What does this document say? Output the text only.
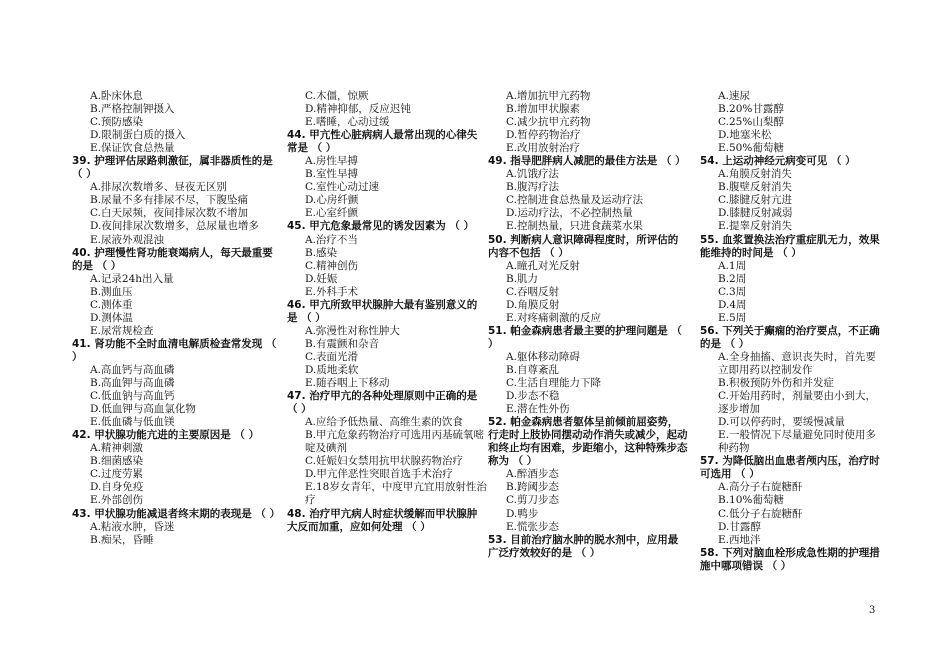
A.卧床休息
B.严格控制钾摄入
C.预防感染
D.限制蛋白质的摄入
E.保证饮食总热量
39. 护理评估尿路刺激征，属非器质性的是 （ ）
A.排尿次数增多、昼夜无区别
B.尿量不多有排尿不尽，下腹坠痛
C.白天尿频，夜间排尿次数不增加
D.夜间排尿次数增多，总尿量也增多
E.尿液外观混浊
40. 护理慢性肾功能衰竭病人，每天最重要的是 （ ）
A.记录24h出入量
B.测血压
C.测体重
D.测体温
E.尿常规检查
41. 肾功能不全时血清电解质检查常发现 （ ）
A.高血钙与高血磷
B.高血钾与高血磷
C.低血钠与高血钙
D.低血钾与高血氯化物
E.低血磷与低血镁
42. 甲状腺功能亢进的主要原因是 （ ）
A.精神刺激
B.细菌感染
C.过度劳累
D.自身免疫
E.外部创伤
43. 甲状腺功能减退者终末期的表现是 （ ）
A.粘液水肿，昏迷
B.痴呆，昏睡
C.木僵，惊厥
D.精神抑郁，反应迟钝
E.嗜睡，心动过缓
44. 甲亢性心脏病病人最常出现的心律失常是 （ ）
A.房性早搏
B.室性早搏
C.室性心动过速
D.心房纤颤
E.心室纤颤
45. 甲亢危象最常见的诱发因素为 （ ）
A.治疗不当
B.感染
C.精神创伤
D.妊娠
E.外科手术
46. 甲亢所致甲状腺肿大最有鉴别意义的是 （ ）
A.弥漫性对称性肿大
B.有震颤和杂音
C.表面光滑
D.质地柔软
E.随吞咽上下移动
47. 治疗甲亢的各种处理原则中正确的是 （ ）
A.应给予低热量、高维生素的饮食
B.甲亢危象药物治疗可选用丙基硫氧嘧啶及碘剂
C.妊娠妇女禁用抗甲状腺药物治疗
D.甲亢伴恶性突眼首选手术治疗
E.18岁女青年，中度甲亢宜用放射性治疗
48. 治疗甲亢病人时症状缓解而甲状腺肿大反而加重，应如何处理 （ ）
A.增加抗甲亢药物
B.增加甲状腺素
C.减少抗甲亢药物
D.暂停药物治疗
E.改用放射治疗
49. 指导肥胖病人减肥的最佳方法是 （ ）
A.饥饿疗法
B.腹泻疗法
C.控制进食总热量及运动疗法
D.运动疗法，不必控制热量
E.控制热量，只进食蔬菜水果
50. 判断病人意识障碍程度时，所评估的内容不包括 （ ）
A.瞳孔对光反射
B.肌力
C.吞咽反射
D.角膜反射
E.对疼痛刺激的反应
51. 帕金森病患者最主要的护理问题是 （ ）
A.躯体移动障碍
B.自尊紊乱
C.生活自理能力下降
D.步态不稳
E.潜在性外伤
52. 帕金森病患者躯体呈前倾前屈姿势，行走时上肢协同摆动动作消失或减少，起动和终止均有困难，步距缩小，这种特殊步态称为 （ ）
A.醉酒步态
B.跨阈步态
C.剪刀步态
D.鸭步
E.慌张步态
53. 目前治疗脑水肿的脱水剂中，应用最广泛疗效较好的是 （ ）
A.速尿
B.20%甘露醇
C.25%山梨醇
D.地塞米松
E.50%葡萄糖
54. 上运动神经元病变可见 （ ）
A.角膜反射消失
B.腹壁反射消失
C.膝腱反射亢进
D.膝腱反射减弱
E.提睾反射消失
55. 血浆置换法治疗重症肌无力，效果能维持的时间是 （ ）
A.1周
B.2周
C.3周
D.4周
E.5周
56. 下列关于癫痫的治疗要点，不正确的是 （ ）
A.全身抽搐、意识丧失时，首先要立即用药以控制发作
B.积极预防外伤和并发症
C.开始用药时，剂量要由小到大，逐步增加
D.可以停药时，要缓慢减量
E.一般情况下尽量避免同时使用多种药物
57. 为降低脑出血患者颅内压，治疗时可选用 （ ）
A.高分子右旋糖酐
B.10%葡萄糖
C.低分子右旋糖酐
D.甘露醇
E.西地泮
58. 下列对脑血栓形成急性期的护理措施中哪项错误 （ ）
3
